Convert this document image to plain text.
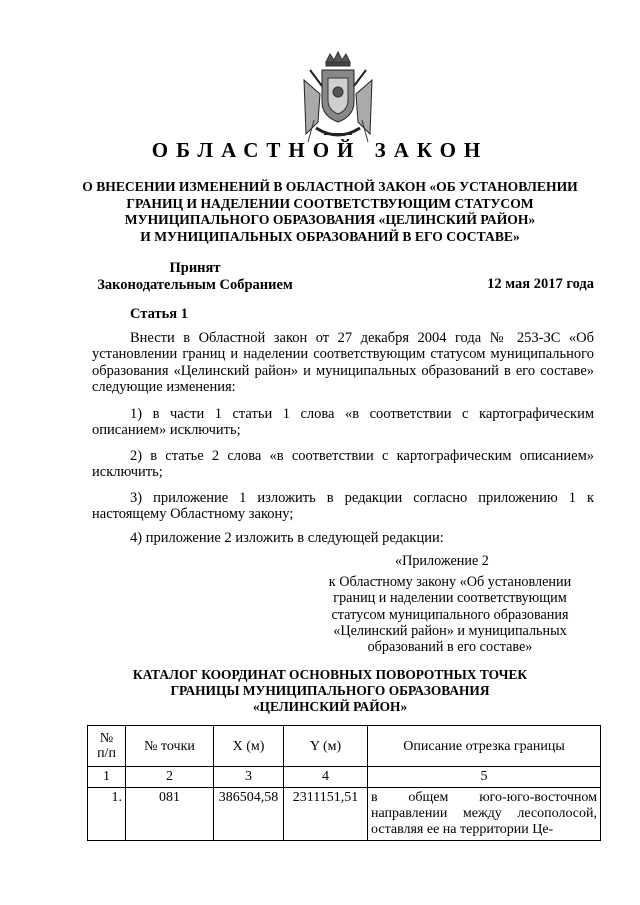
ОБЛАСТНОЙ ЗАКОН
О ВНЕСЕНИИ ИЗМЕНЕНИЙ В ОБЛАСТНОЙ ЗАКОН «ОБ УСТАНОВЛЕНИИ
ГРАНИЦ И НАДЕЛЕНИИ СООТВЕТСТВУЮЩИМ СТАТУСОМ
МУНИЦИПАЛЬНОГО ОБРАЗОВАНИЯ «ЦЕЛИНСКИЙ РАЙОН»
И МУНИЦИПАЛЬНЫХ ОБРАЗОВАНИЙ В ЕГО СОСТАВЕ»
Принят
Законодательным Собранием	12 мая 2017 года
Статья 1

Внести в Областной закон от 27 декабря 2004 года № 253-ЗС «Об установлении границ и наделении соответствующим статусом муниципального образования «Целинский район» и муниципальных образований в его составе» следующие изменения:

1) в части 1 статьи 1 слова «в соответствии с картографическим описанием» исключить;

2) в статье 2 слова «в соответствии с картографическим описанием» исключить;

3) приложение 1 изложить в редакции согласно приложению 1 к настоящему Областному закону;

4) приложение 2 изложить в следующей редакции:

«Приложение 2
к Областному закону «Об установлении
границ и наделении соответствующим
статусом муниципального образования
«Целинский район» и муниципальных
образований в его составе»
КАТАЛОГ КООРДИНАТ ОСНОВНЫХ ПОВОРОТНЫХ ТОЧЕК
ГРАНИЦЫ МУНИЦИПАЛЬНОГО ОБРАЗОВАНИЯ
«ЦЕЛИНСКИЙ РАЙОН»
№
п/п	№ точки	X (м)	Y (м)	Описание отрезка границы
1	2	3	4	5
1.	081	386504,58	2311151,51	в общем юго-юго-восточном направлении между лесополосой, оставляя ее на территории Це-
